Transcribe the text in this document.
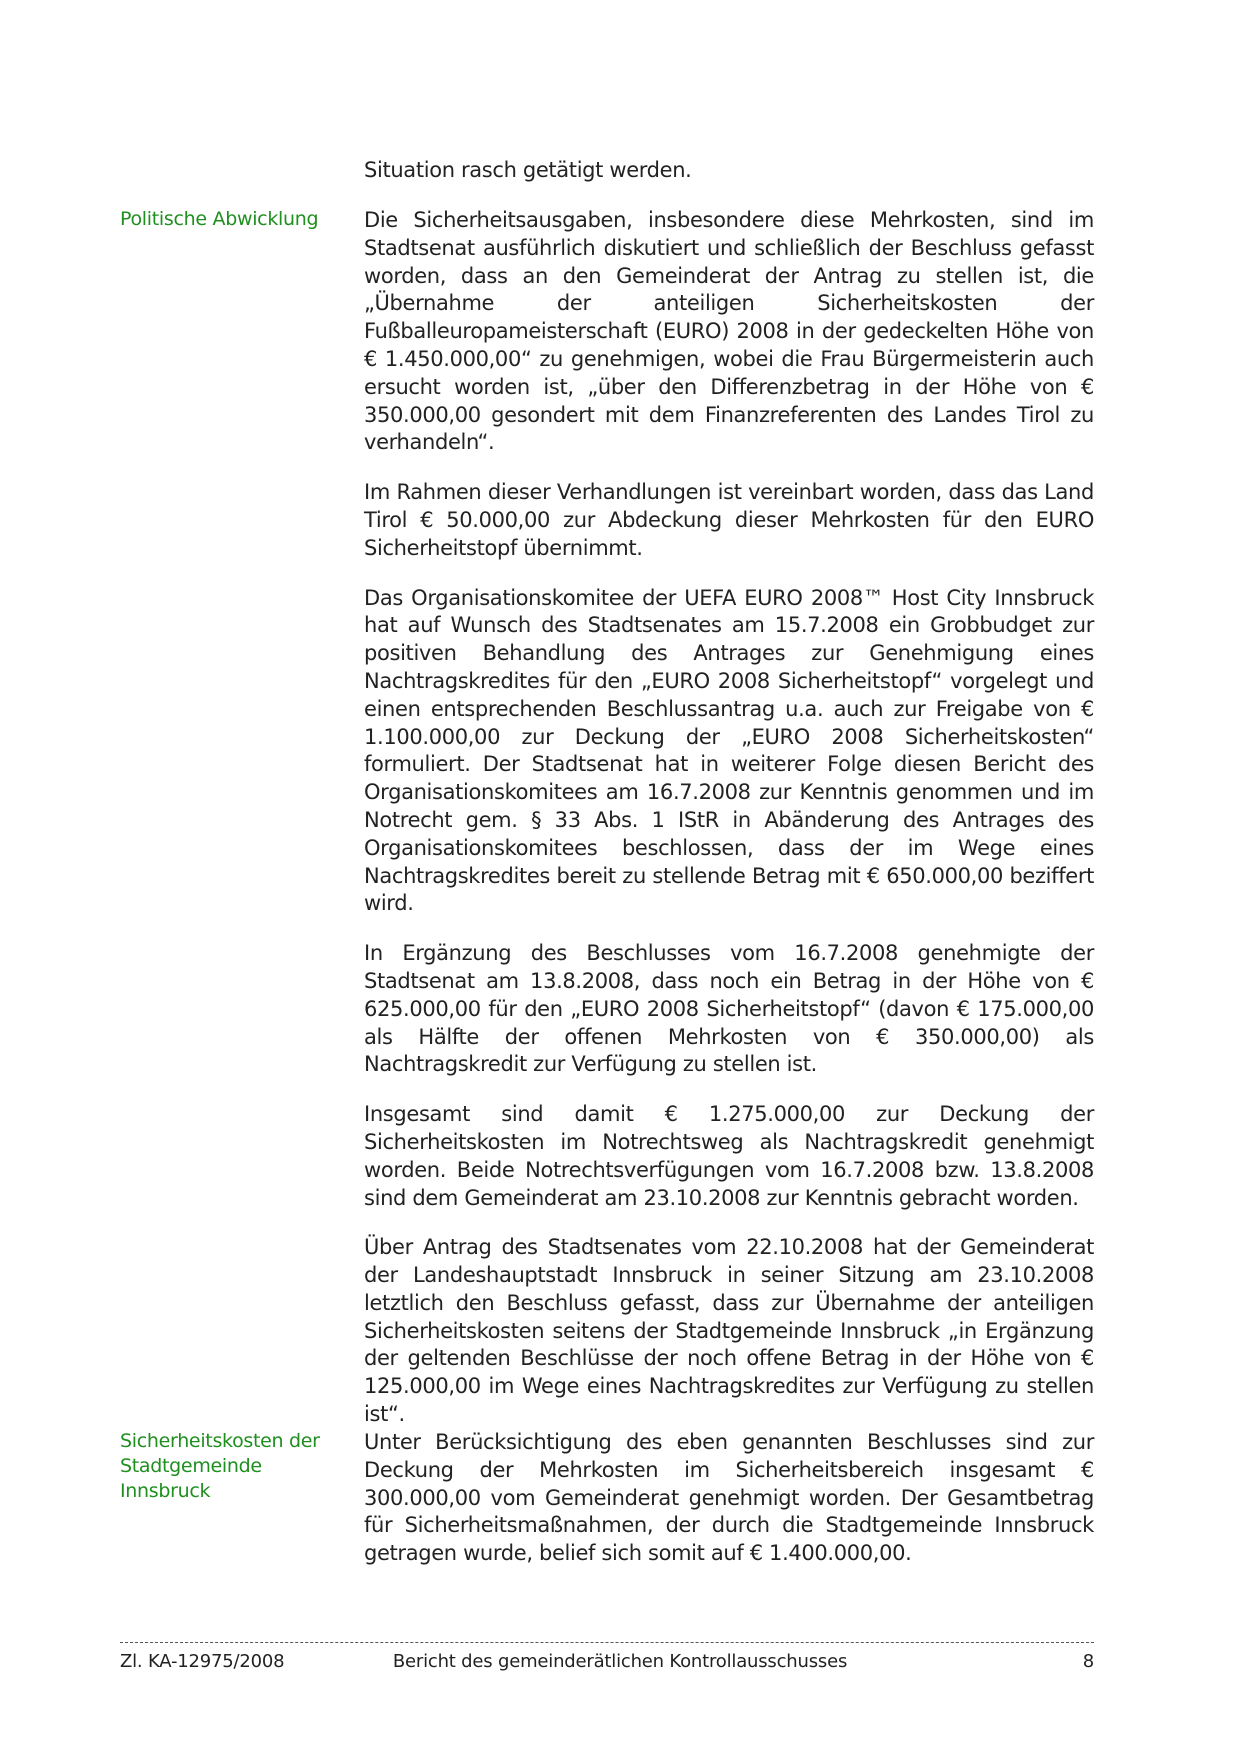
Situation rasch getätigt werden.

Politische Abwicklung	Die Sicherheitsausgaben, insbesondere diese Mehrkosten, sind im Stadtsenat ausführlich diskutiert und schließlich der Beschluss gefasst worden, dass an den Gemeinderat der Antrag zu stellen ist, die „Übernahme der anteiligen Sicherheitskosten der Fußballeuropameisterschaft (EURO) 2008 in der gedeckelten Höhe von € 1.450.000,00“ zu genehmigen, wobei die Frau Bürgermeisterin auch ersucht worden ist, „über den Differenzbetrag in der Höhe von € 350.000,00 gesondert mit dem Finanzreferenten des Landes Tirol zu verhandeln“.

Im Rahmen dieser Verhandlungen ist vereinbart worden, dass das Land Tirol € 50.000,00 zur Abdeckung dieser Mehrkosten für den EURO Sicherheitstopf übernimmt.

Das Organisationskomitee der UEFA EURO 2008™ Host City Innsbruck hat auf Wunsch des Stadtsenates am 15.7.2008 ein Grobbudget zur positiven Behandlung des Antrages zur Genehmigung eines Nachtragskredites für den „EURO 2008 Sicherheitstopf“ vorgelegt und einen entsprechenden Beschlussantrag u.a. auch zur Freigabe von € 1.100.000,00 zur Deckung der „EURO 2008 Sicherheitskosten“ formuliert. Der Stadtsenat hat in weiterer Folge diesen Bericht des Organisationskomitees am 16.7.2008 zur Kenntnis genommen und im Notrecht gem. § 33 Abs. 1 IStR in Abänderung des Antrages des Organisationskomitees beschlossen, dass der im Wege eines Nachtragskredites bereit zu stellende Betrag mit € 650.000,00 beziffert wird.

In Ergänzung des Beschlusses vom 16.7.2008 genehmigte der Stadtsenat am 13.8.2008, dass noch ein Betrag in der Höhe von € 625.000,00 für den „EURO 2008 Sicherheitstopf“ (davon € 175.000,00 als Hälfte der offenen Mehrkosten von € 350.000,00) als Nachtragskredit zur Verfügung zu stellen ist.

Insgesamt sind damit € 1.275.000,00 zur Deckung der Sicherheitskosten im Notrechtsweg als Nachtragskredit genehmigt worden. Beide Notrechtsverfügungen vom 16.7.2008 bzw. 13.8.2008 sind dem Gemeinderat am 23.10.2008 zur Kenntnis gebracht worden.

Über Antrag des Stadtsenates vom 22.10.2008 hat der Gemeinderat der Landeshauptstadt Innsbruck in seiner Sitzung am 23.10.2008 letztlich den Beschluss gefasst, dass zur Übernahme der anteiligen Sicherheitskosten seitens der Stadtgemeinde Innsbruck „in Ergänzung der geltenden Beschlüsse der noch offene Betrag in der Höhe von € 125.000,00 im Wege eines Nachtragskredites zur Verfügung zu stellen ist“.

Sicherheitskosten der Stadtgemeinde Innsbruck

Unter Berücksichtigung des eben genannten Beschlusses sind zur Deckung der Mehrkosten im Sicherheitsbereich insgesamt € 300.000,00 vom Gemeinderat genehmigt worden. Der Gesamtbetrag für Sicherheitsmaßnahmen, der durch die Stadtgemeinde Innsbruck getragen wurde, belief sich somit auf € 1.400.000,00.

Zl. KA-12975/2008	Bericht des gemeinderätlichen Kontrollausschusses	8
